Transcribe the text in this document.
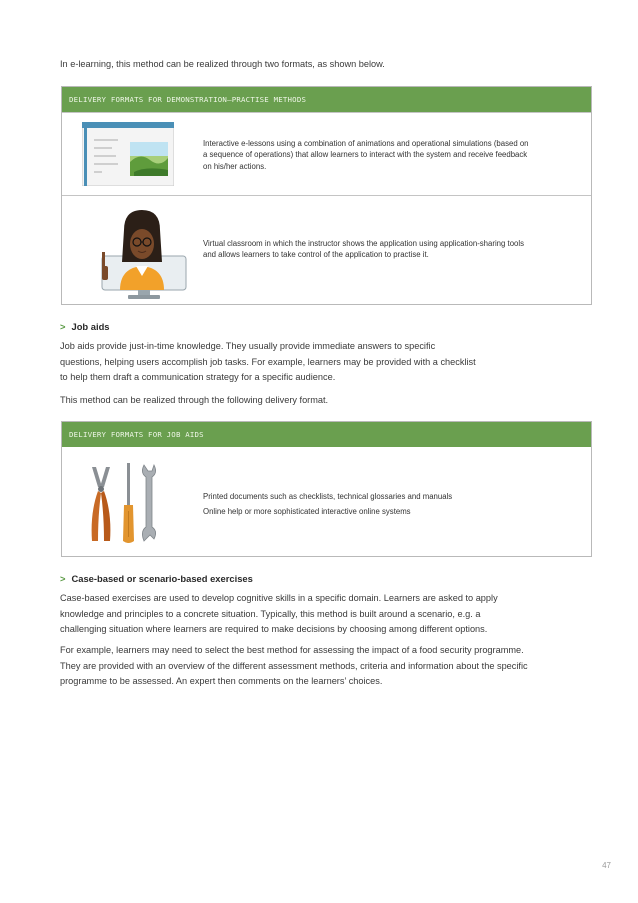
In e-learning, this method can be realized through two formats, as shown below.

DELIVERY FORMATS FOR DEMONSTRATION–PRACTISE METHODS
Interactive e-lessons using a combination of animations and operational simulations (based on a sequence of operations) that allow learners to interact with the system and receive feedback on his/her actions.
Virtual classroom in which the instructor shows the application using application-sharing tools and allows learners to take control of the application to practise it.
> Job aids

Job aids provide just-in-time knowledge. They usually provide immediate answers to specific questions, helping users accomplish job tasks. For example, learners may be provided with a checklist to help them draft a communication strategy for a specific audience.

This method can be realized through the following delivery format.

DELIVERY FORMATS FOR JOB AIDS
Printed documents such as checklists, technical glossaries and manuals
Online help or more sophisticated interactive online systems
> Case-based or scenario-based exercises

Case-based exercises are used to develop cognitive skills in a specific domain. Learners are asked to apply knowledge and principles to a concrete situation. Typically, this method is built around a scenario, e.g. a challenging situation where learners are required to make decisions by choosing among different options.

For example, learners may need to select the best method for assessing the impact of a food security programme. They are provided with an overview of the different assessment methods, criteria and information about the specific programme to be assessed. An expert then comments on the learners’ choices.

47
